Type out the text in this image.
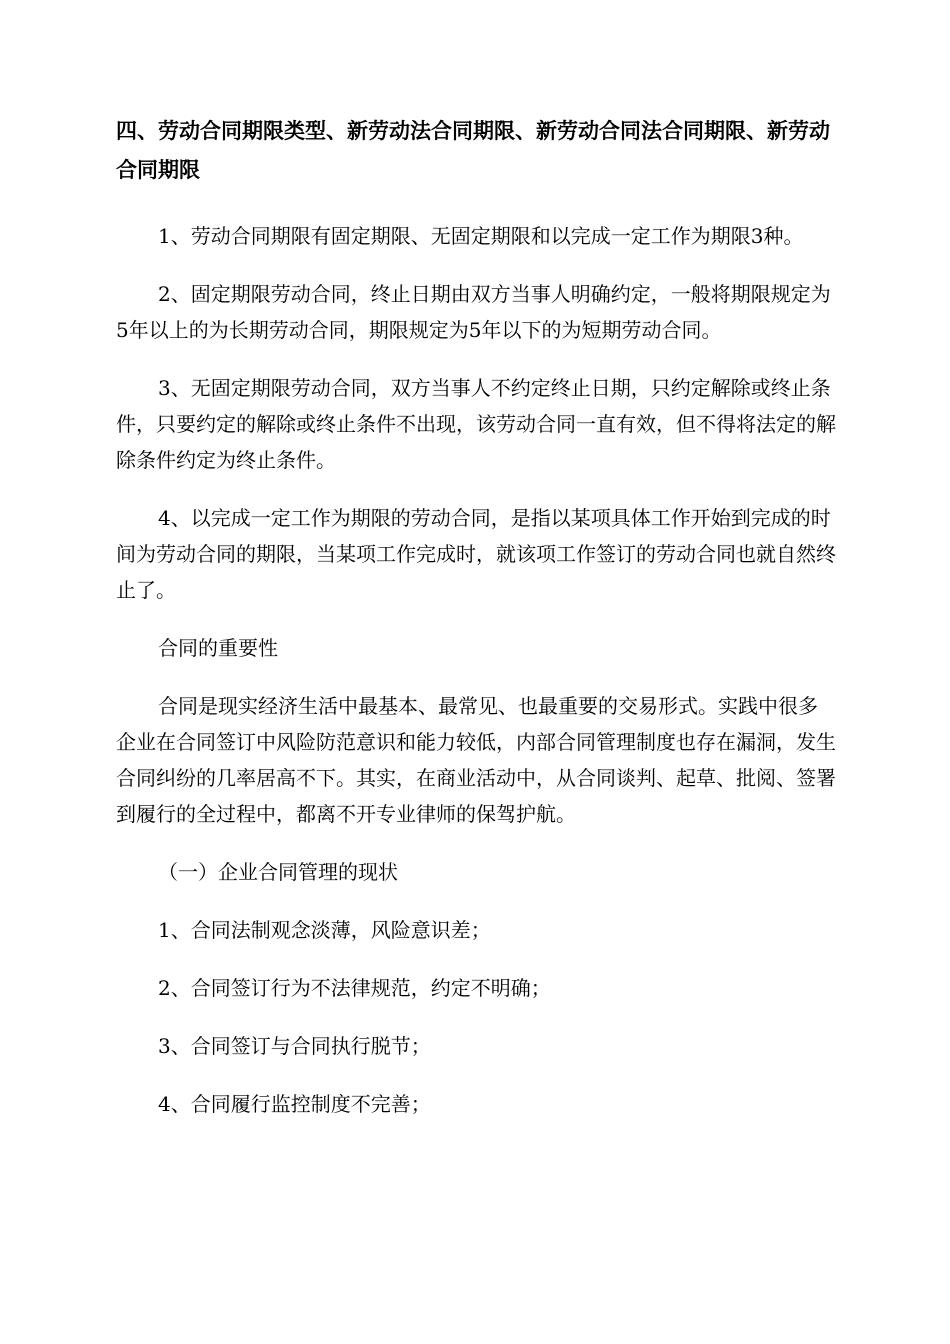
四、劳动合同期限类型、新劳动法合同期限、新劳动合同法合同期限、新劳动合同期限

1、劳动合同期限有固定期限、无固定期限和以完成一定工作为期限3种。

2、固定期限劳动合同，终止日期由双方当事人明确约定，一般将期限规定为5年以上的为长期劳动合同，期限规定为5年以下的为短期劳动合同。

3、无固定期限劳动合同，双方当事人不约定终止日期，只约定解除或终止条件，只要约定的解除或终止条件不出现，该劳动合同一直有效，但不得将法定的解除条件约定为终止条件。

4、以完成一定工作为期限的劳动合同，是指以某项具体工作开始到完成的时间为劳动合同的期限，当某项工作完成时，就该项工作签订的劳动合同也就自然终止了。

合同的重要性

合同是现实经济生活中最基本、最常见、也最重要的交易形式。实践中很多企业在合同签订中风险防范意识和能力较低，内部合同管理制度也存在漏洞，发生合同纠纷的几率居高不下。其实，在商业活动中，从合同谈判、起草、批阅、签署到履行的全过程中，都离不开专业律师的保驾护航。

（一）企业合同管理的现状

1、合同法制观念淡薄，风险意识差；

2、合同签订行为不法律规范，约定不明确；

3、合同签订与合同执行脱节；

4、合同履行监控制度不完善；
